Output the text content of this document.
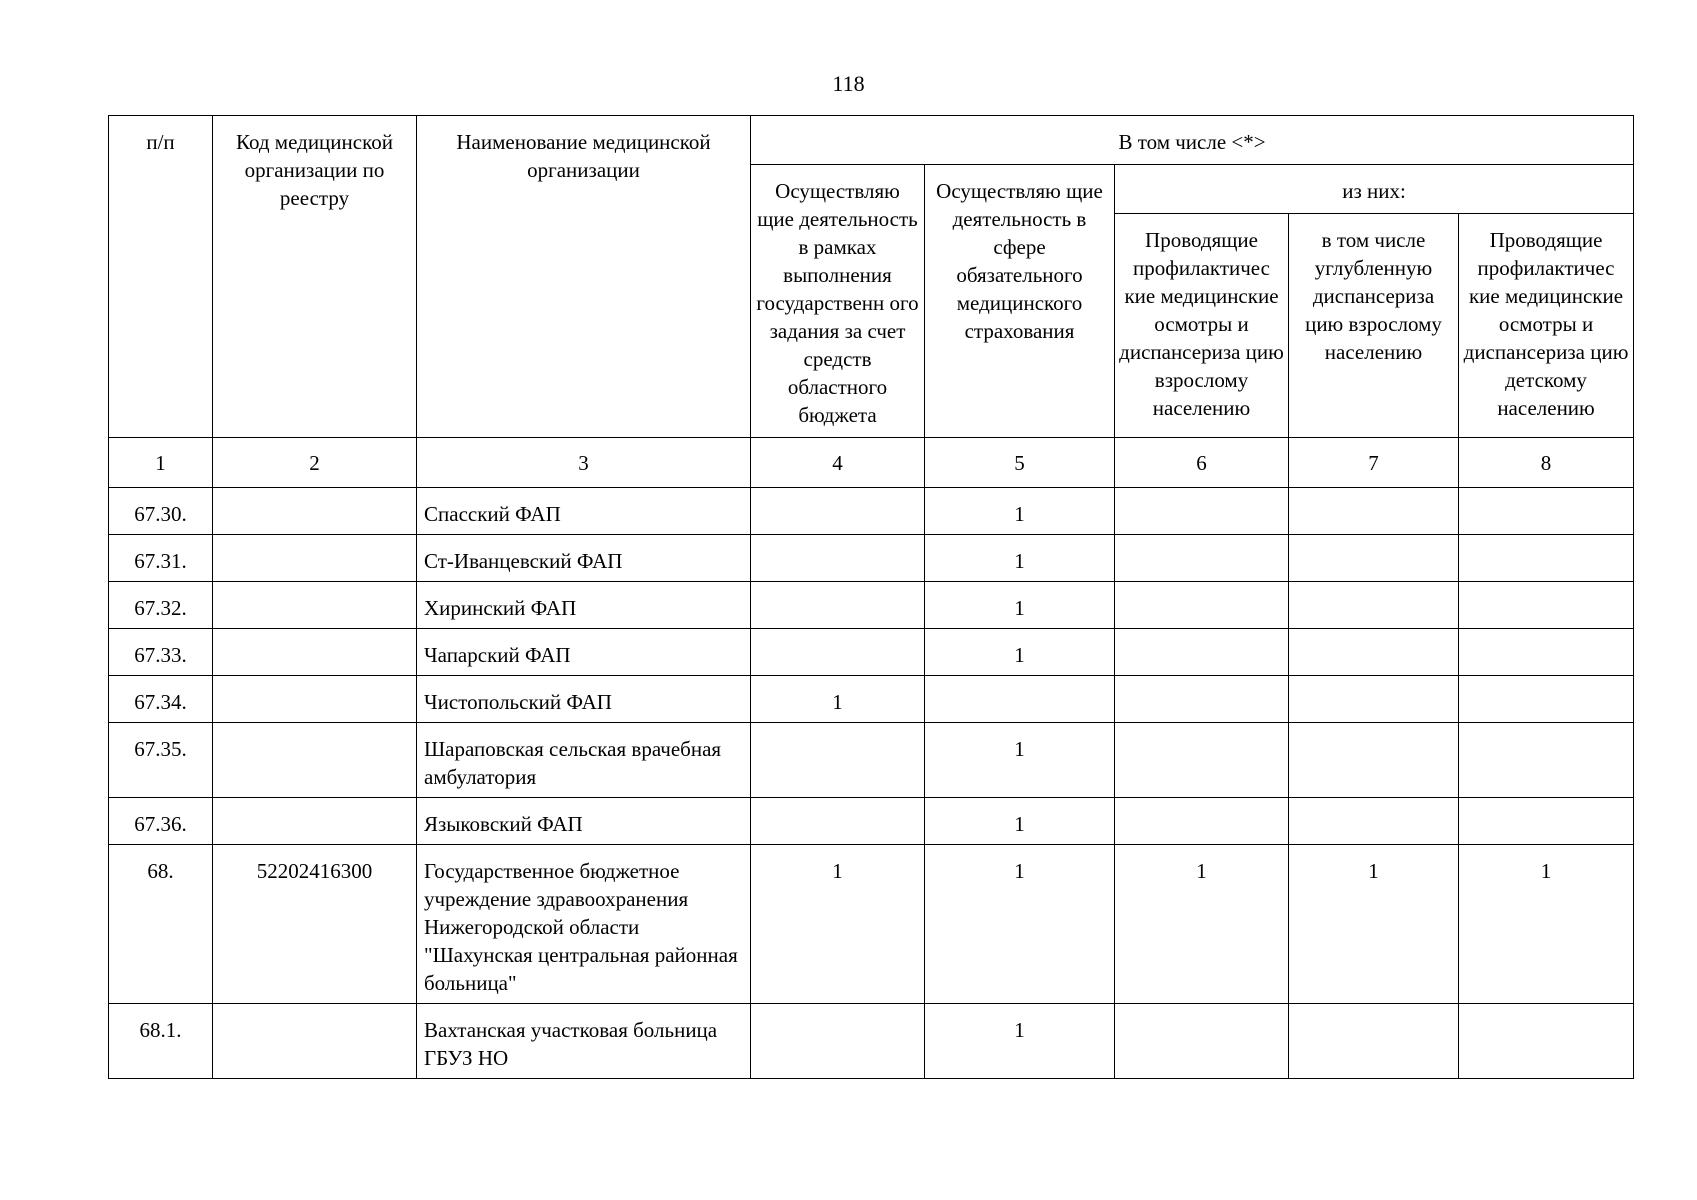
118
п/п	Код медицинской организации по реестру	Наименование медицинской организации	В том числе <*>				
			Осуществляю щие деятельность в рамках выполнения государственн ого задания за счет средств областного бюджета	Осуществляю щие деятельность в сфере обязательного медицинского страхования	из них:		
					Проводящие профилактичес кие медицинские осмотры и диспансериза цию взрослому населению	в том числе углубленную диспансериза цию взрослому населению	Проводящие профилактичес кие медицинские осмотры и диспансериза цию детскому населению
1	2	3	4	5	6	7	8
67.30.		Спасский ФАП		1			
67.31.		Ст-Иванцевский ФАП		1			
67.32.		Хиринский ФАП		1			
67.33.		Чапарский ФАП		1			
67.34.		Чистопольский ФАП	1				
67.35.		Шараповская сельская врачебная амбулатория		1			
67.36.		Языковский ФАП		1			
68.	52202416300	Государственное бюджетное учреждение здравоохранения Нижегородской области "Шахунская центральная районная больница"	1	1	1	1	1
68.1.		Вахтанская участковая больница ГБУЗ НО		1			
